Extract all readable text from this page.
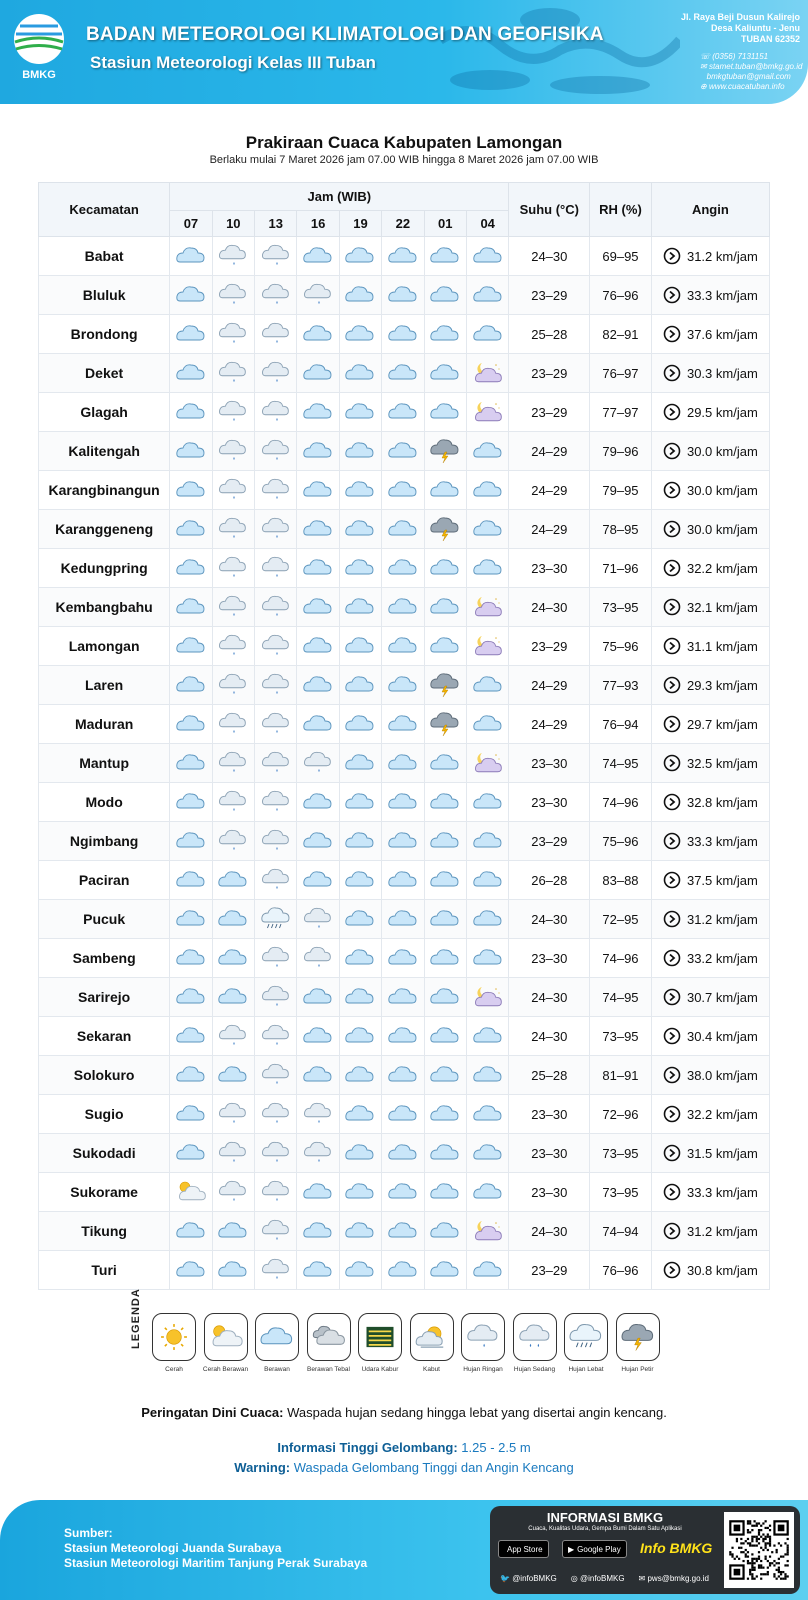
BMKG
BADAN METEOROLOGI KLIMATOLOGI DAN GEOFISIKA
Stasiun Meteorologi Kelas III Tuban
Jl. Raya Beji Dusun Kalirejo
Desa Kaliuntu - Jenu
TUBAN 62352
☏ (0356) 7131151
✉ stamet.tuban@bmkg.go.id
bmkgtuban@gmail.com
⊕ www.cuacatuban.info
Prakiraan Cuaca Kabupaten Lamongan
Berlaku mulai 7 Maret 2026 jam 07.00 WIB hingga 8 Maret 2026 jam 07.00 WIB
Kecamatan	Jam (WIB)								Suhu (°C)	RH (%)	Angin
	07	10	13	16	19	22	01	04			
Babat									24–30	69–95	31.2 km/jam

Bluluk									23–29	76–96	33.3 km/jam

Brondong									25–28	82–91	37.6 km/jam

Deket									23–29	76–97	30.3 km/jam

Glagah									23–29	77–97	29.5 km/jam

Kalitengah									24–29	79–96	30.0 km/jam

Karangbinangun									24–29	79–95	30.0 km/jam

Karanggeneng									24–29	78–95	30.0 km/jam

Kedungpring									23–30	71–96	32.2 km/jam

Kembangbahu									24–30	73–95	32.1 km/jam

Lamongan									23–29	75–96	31.1 km/jam

Laren									24–29	77–93	29.3 km/jam

Maduran									24–29	76–94	29.7 km/jam

Mantup									23–30	74–95	32.5 km/jam

Modo									23–30	74–96	32.8 km/jam

Ngimbang									23–29	75–96	33.3 km/jam

Paciran									26–28	83–88	37.5 km/jam

Pucuk									24–30	72–95	31.2 km/jam

Sambeng									23–30	74–96	33.2 km/jam

Sarirejo									24–30	74–95	30.7 km/jam

Sekaran									24–30	73–95	30.4 km/jam

Solokuro									25–28	81–91	38.0 km/jam

Sugio									23–30	72–96	32.2 km/jam

Sukodadi									23–30	73–95	31.5 km/jam

Sukorame									23–30	73–95	33.3 km/jam

Tikung									24–30	74–94	31.2 km/jam

Turi									23–29	76–96	30.8 km/jam
LEGENDA
Cerah	Cerah Berawan	Berawan	Berawan Tebal	Udara Kabur	Kabut	Hujan Ringan	Hujan Sedang	Hujan Lebat	Hujan Petir
Peringatan Dini Cuaca: Waspada hujan sedang hingga lebat yang disertai angin kencang.
Informasi Tinggi Gelombang: 1.25 - 2.5 m
Warning: Waspada Gelombang Tinggi dan Angin Kencang
Sumber:
Stasiun Meteorologi Juanda Surabaya
Stasiun Meteorologi Maritim Tanjung Perak Surabaya
INFORMASI BMKG
Cuaca, Kualitas Udara, Gempa Bumi Dalam Satu Aplikasi
App Store	▶ Google Play Info BMKG
🐦 @infoBMKG ◎ @infoBMKG ✉ pws@bmkg.go.id
